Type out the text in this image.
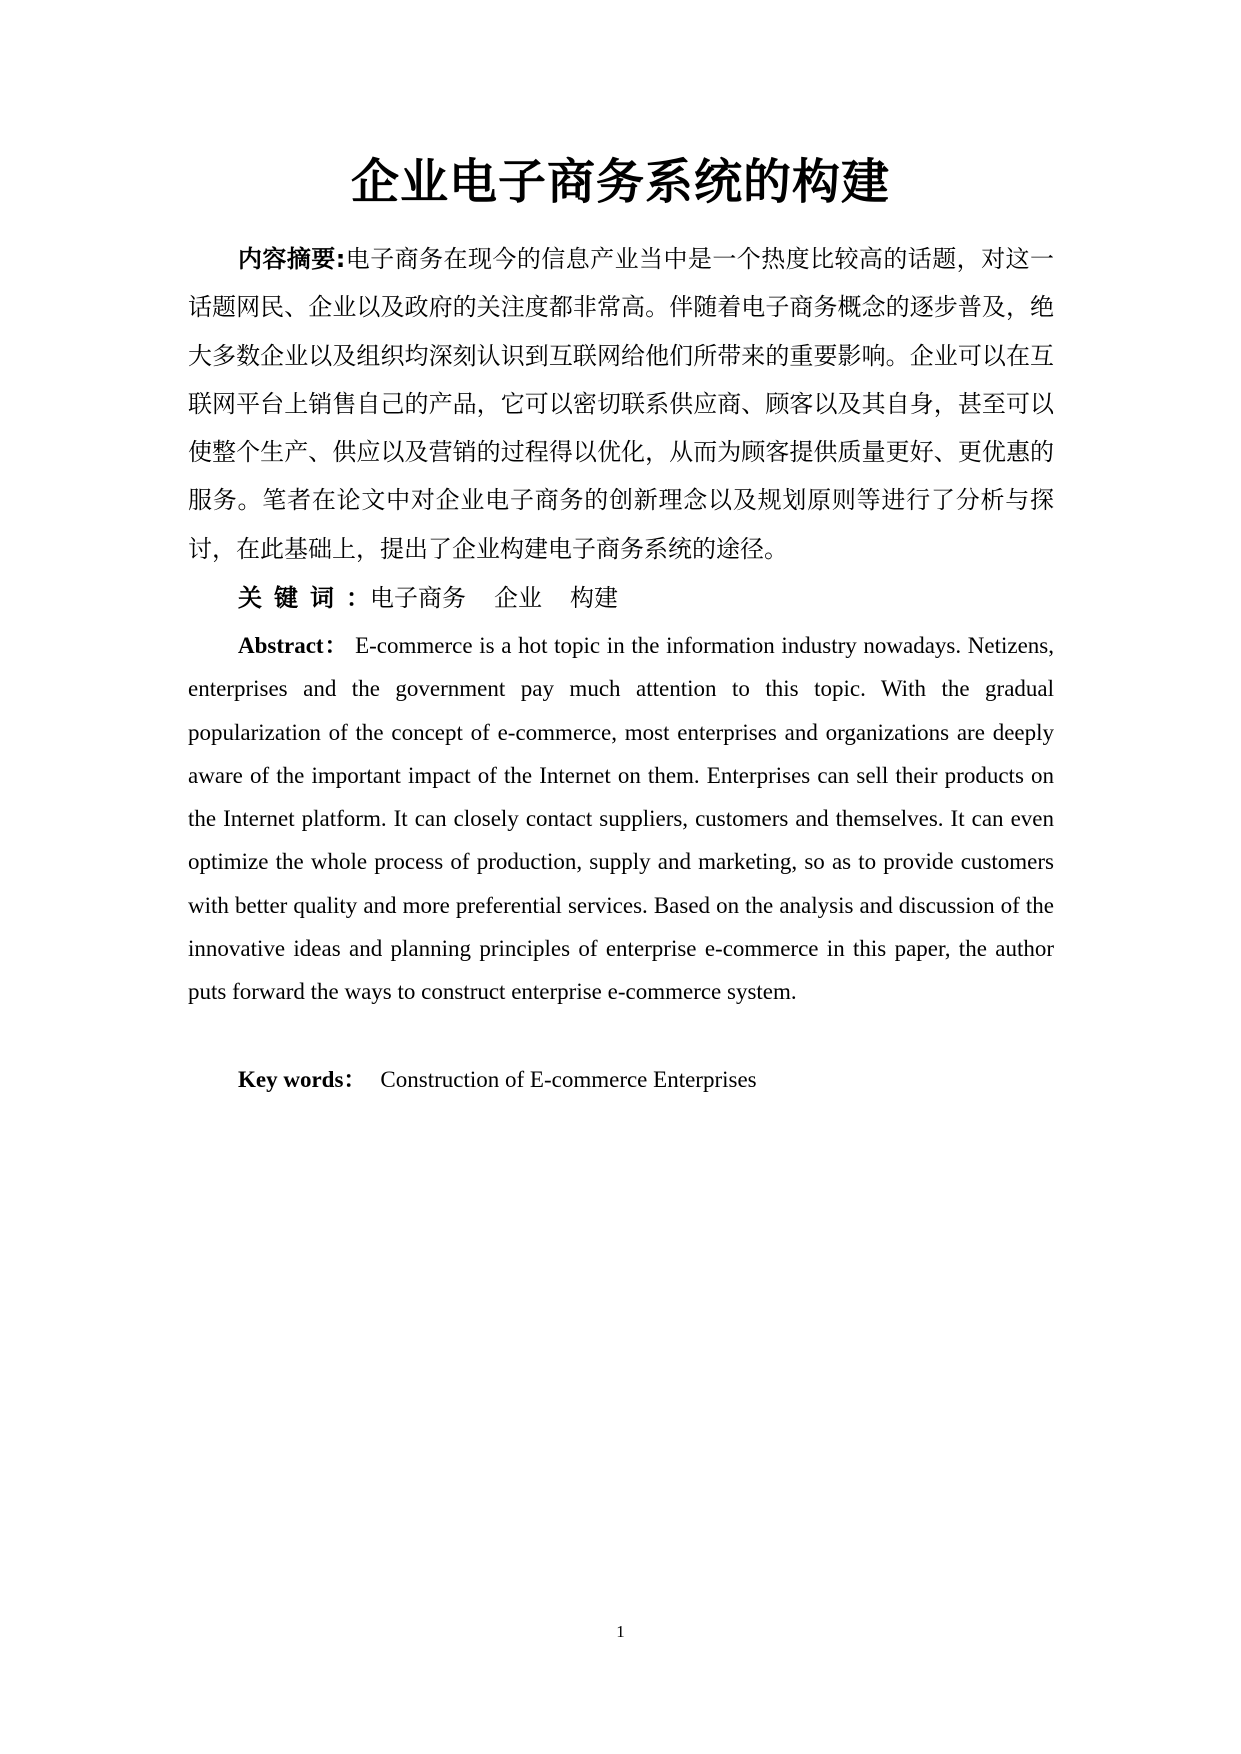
企业电子商务系统的构建

内容摘要:电子商务在现今的信息产业当中是一个热度比较高的话题，对这一话题网民、企业以及政府的关注度都非常高。伴随着电子商务概念的逐步普及，绝大多数企业以及组织均深刻认识到互联网给他们所带来的重要影响。企业可以在互联网平台上销售自己的产品，它可以密切联系供应商、顾客以及其自身，甚至可以使整个生产、供应以及营销的过程得以优化，从而为顾客提供质量更好、更优惠的服务。笔者在论文中对企业电子商务的创新理念以及规划原则等进行了分析与探讨，在此基础上，提出了企业构建电子商务系统的途径。

关键词：电子商务 企业 构建

Abstract： E-commerce is a hot topic in the information industry nowadays. Netizens, enterprises and the government pay much attention to this topic. With the gradual popularization of the concept of e-commerce, most enterprises and organizations are deeply aware of the important impact of the Internet on them. Enterprises can sell their products on the Internet platform. It can closely contact suppliers, customers and themselves. It can even optimize the whole process of production, supply and marketing, so as to provide customers with better quality and more preferential services. Based on the analysis and discussion of the innovative ideas and planning principles of enterprise e-commerce in this paper, the author puts forward the ways to construct enterprise e-commerce system.

Key words： Construction of E-commerce Enterprises

1
